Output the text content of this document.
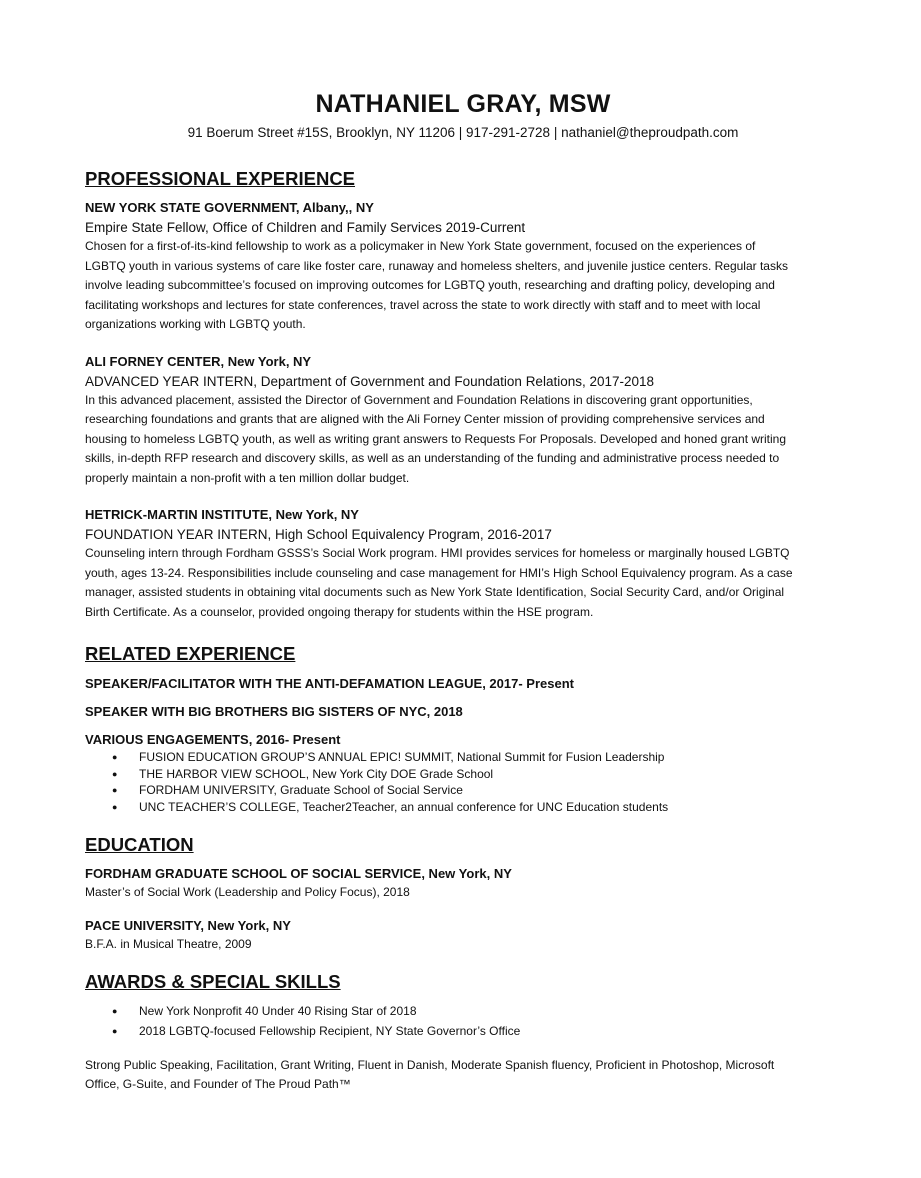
NATHANIEL GRAY, MSW

91 Boerum Street #15S, Brooklyn, NY 11206 | 917-291-2728 | nathaniel@theproudpath.com

PROFESSIONAL EXPERIENCE

NEW YORK STATE GOVERNMENT, Albany,, NY

Empire State Fellow, Office of Children and Family Services 2019-Current

Chosen for a first-of-its-kind fellowship to work as a policymaker in New York State government, focused on the experiences of
LGBTQ youth in various systems of care like foster care, runaway and homeless shelters, and juvenile justice centers. Regular tasks
involve leading subcommittee’s focused on improving outcomes for LGBTQ youth, researching and drafting policy, developing and
facilitating workshops and lectures for state conferences, travel across the state to work directly with staff and to meet with local
organizations working with LGBTQ youth.

ALI FORNEY CENTER, New York, NY

ADVANCED YEAR INTERN, Department of Government and Foundation Relations, 2017-2018

In this advanced placement, assisted the Director of Government and Foundation Relations in discovering grant opportunities,
researching foundations and grants that are aligned with the Ali Forney Center mission of providing comprehensive services and
housing to homeless LGBTQ youth, as well as writing grant answers to Requests For Proposals. Developed and honed grant writing
skills, in-depth RFP research and discovery skills, as well as an understanding of the funding and administrative process needed to
properly maintain a non-profit with a ten million dollar budget.

HETRICK-MARTIN INSTITUTE, New York, NY

FOUNDATION YEAR INTERN, High School Equivalency Program, 2016-2017

Counseling intern through Fordham GSSS’s Social Work program. HMI provides services for homeless or marginally housed LGBTQ
youth, ages 13-24. Responsibilities include counseling and case management for HMI’s High School Equivalency program. As a case
manager, assisted students in obtaining vital documents such as New York State Identification, Social Security Card, and/or Original
Birth Certificate. As a counselor, provided ongoing therapy for students within the HSE program.
RELATED EXPERIENCE

SPEAKER/FACILITATOR WITH THE ANTI-DEFAMATION LEAGUE, 2017- Present

SPEAKER WITH BIG BROTHERS BIG SISTERS OF NYC, 2018

VARIOUS ENGAGEMENTS, 2016- Present

● FUSION EDUCATION GROUP’S ANNUAL EPIC! SUMMIT, National Summit for Fusion Leadership
● THE HARBOR VIEW SCHOOL, New York City DOE Grade School
● FORDHAM UNIVERSITY, Graduate School of Social Service
● UNC TEACHER’S COLLEGE, Teacher2Teacher, an annual conference for UNC Education students
EDUCATION

FORDHAM GRADUATE SCHOOL OF SOCIAL SERVICE, New York, NY

Master’s of Social Work (Leadership and Policy Focus), 2018

PACE UNIVERSITY, New York, NY

B.F.A. in Musical Theatre, 2009

AWARDS & SPECIAL SKILLS
● New York Nonprofit 40 Under 40 Rising Star of 2018
● 2018 LGBTQ-focused Fellowship Recipient, NY State Governor’s Office
Strong Public Speaking, Facilitation, Grant Writing, Fluent in Danish, Moderate Spanish fluency, Proficient in Photoshop, Microsoft
Office, G-Suite, and Founder of The Proud Path™
